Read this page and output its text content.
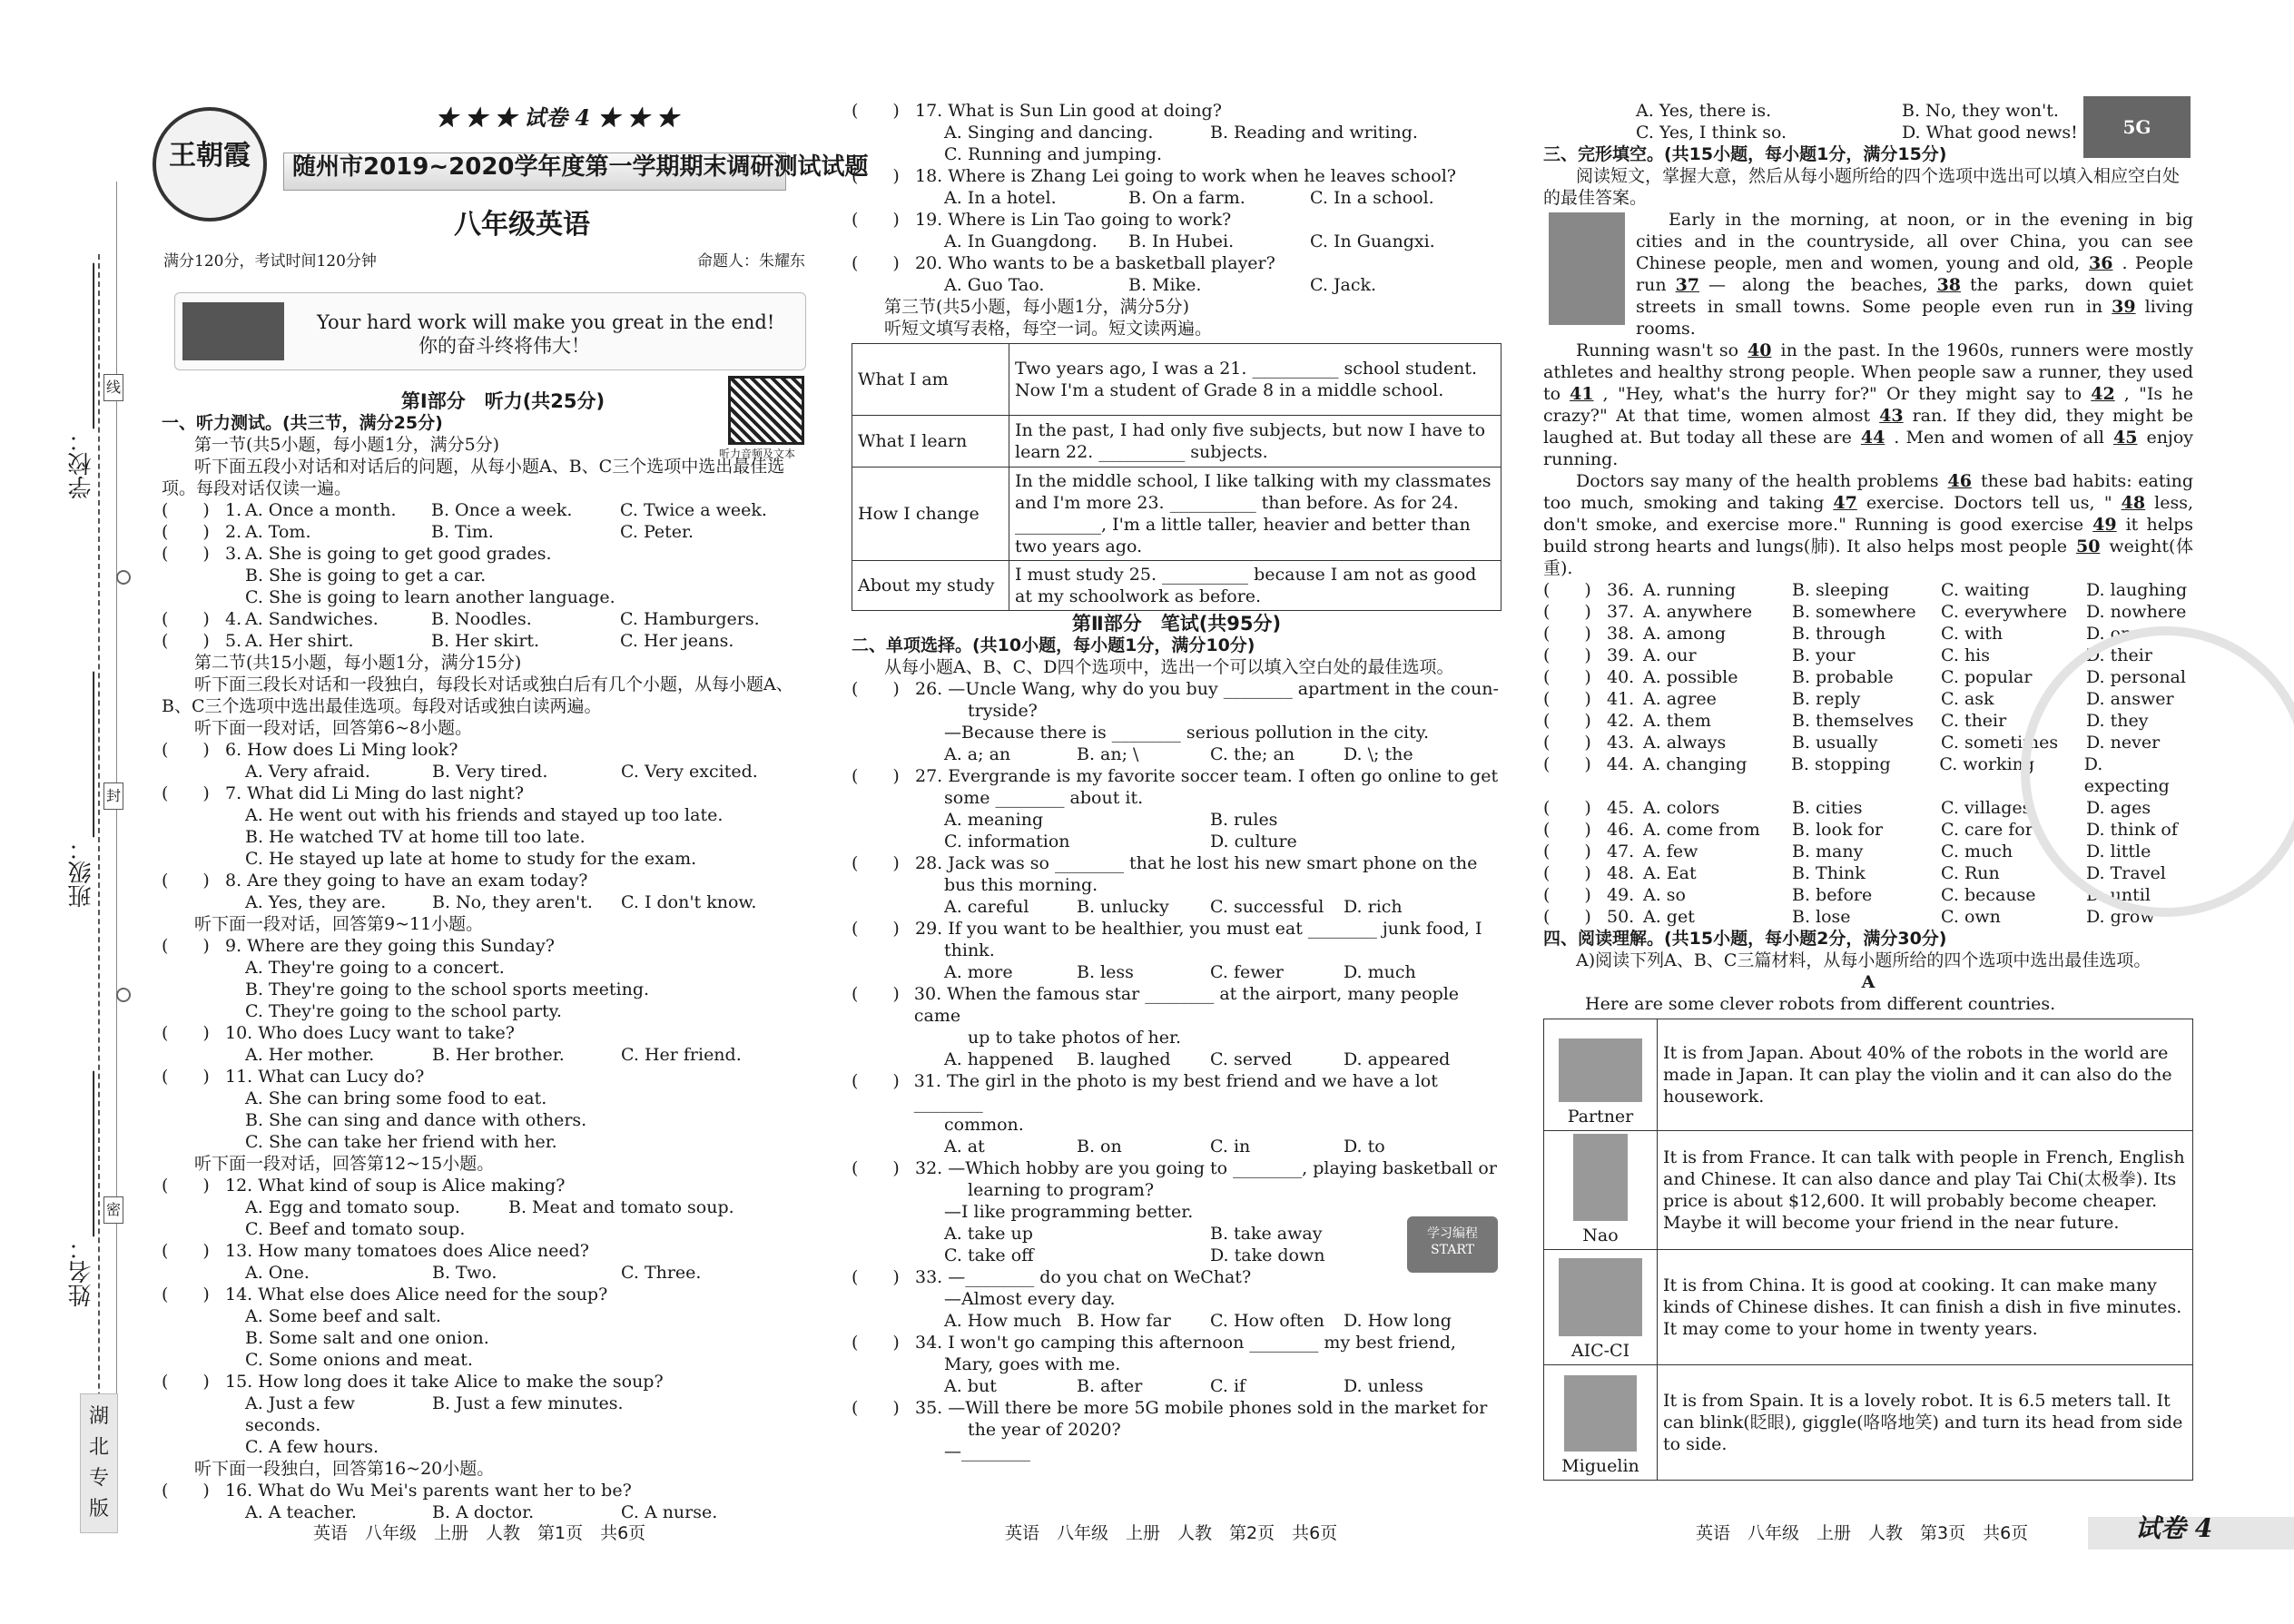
学校：______________
班级：______________
姓名：______________
线
封
密
湖北专版
王朝霞
★ ★ ★ 试卷 4 ★ ★ ★
随州市2019~2020学年度第一学期期末调研测试试题
八年级英语
满分120分，考试时间120分钟	命题人：朱耀东
Your hard work will make you great in the end!
你的奋斗终将伟大！
第Ⅰ部分　听力(共25分)
听力音频及文本
一、听力测试。(共三节，满分25分)
第一节(共5小题，每小题1分，满分5分)
听下面五段小对话和对话后的问题，从每小题A、B、C三个选项中选出最佳选项。每段对话仅读一遍。
(　　) 1. A. Once a month.	B. Once a week.	C. Twice a week.
(　　) 2. A. Tom.	B. Tim.	C. Peter.
(　　) 3. A. She is going to get good grades.
B. She is going to get a car.
C. She is going to learn another language.
(　　) 4. A. Sandwiches.	B. Noodles.	C. Hamburgers.
(　　) 5. A. Her shirt.	B. Her skirt.	C. Her jeans.
第二节(共15小题，每小题1分，满分15分)
听下面三段长对话和一段独白，每段长对话或独白后有几个小题，从每小题A、B、C三个选项中选出最佳选项。每段对话或独白读两遍。
听下面一段对话，回答第6~8小题。
(　　) 6. How does Li Ming look?
A. Very afraid.	B. Very tired.	C. Very excited.
(　　) 7. What did Li Ming do last night?
A. He went out with his friends and stayed up too late.
B. He watched TV at home till too late.
C. He stayed up late at home to study for the exam.
(　　) 8. Are they going to have an exam today?
A. Yes, they are.	B. No, they aren't.	C. I don't know.
听下面一段对话，回答第9~11小题。
(　　) 9. Where are they going this Sunday?
A. They're going to a concert.
B. They're going to the school sports meeting.
C. They're going to the school party.
(　　) 10. Who does Lucy want to take?
A. Her mother.	B. Her brother.	C. Her friend.
(　　) 11. What can Lucy do?
A. She can bring some food to eat.
B. She can sing and dance with others.
C. She can take her friend with her.
听下面一段对话，回答第12~15小题。
(　　) 12. What kind of soup is Alice making?
A. Egg and tomato soup.	B. Meat and tomato soup.
C. Beef and tomato soup.
(　　) 13. How many tomatoes does Alice need?
A. One.	B. Two.	C. Three.
(　　) 14. What else does Alice need for the soup?
A. Some beef and salt.
B. Some salt and one onion.
C. Some onions and meat.
(　　) 15. How long does it take Alice to make the soup?
A. Just a few seconds.
B. Just a few minutes.
C. A few hours.
听下面一段独白，回答第16~20小题。
(　　) 16. What do Wu Mei's parents want her to be?
A. A teacher.	B. A doctor.	C. A nurse.
(　　) 17. What is Sun Lin good at doing?
A. Singing and dancing.	B. Reading and writing.
C. Running and jumping.
(　　) 18. Where is Zhang Lei going to work when he leaves school?
A. In a hotel.	B. On a farm.	C. In a school.
(　　) 19. Where is Lin Tao going to work?
A. In Guangdong.	B. In Hubei.	C. In Guangxi.
(　　) 20. Who wants to be a basketball player?
A. Guo Tao.	B. Mike.	C. Jack.
第三节(共5小题，每小题1分，满分5分)
听短文填写表格，每空一词。短文读两遍。
What I am	Two years ago, I was a 21. __________ school student. Now I'm a student of Grade 8 in a middle school.
What I learn	In the past, I had only five subjects, but now I have to learn 22. __________ subjects.
How I change	In the middle school, I like talking with my classmates and I'm more 23. __________ than before. As for 24. __________, I'm a little taller, heavier and better than two years ago.
About my study	I must study 25. __________ because I am not as good at my schoolwork as before.
第Ⅱ部分　笔试(共95分)
二、单项选择。(共10小题，每小题1分，满分10分)
从每小题A、B、C、D四个选项中，选出一个可以填入空白处的最佳选项。
(　　) 26. —Uncle Wang, why do you buy ________ apartment in the coun-
tryside?
—Because there is ________ serious pollution in the city.
A. a; an	B. an; \	C. the; an	D. \; the
(　　) 27. Evergrande is my favorite soccer team. I often go online to get
some ________ about it.
A. meaning	B. rules
C. information	D. culture
(　　) 28. Jack was so ________ that he lost his new smart phone on the
bus this morning.
A. careful	B. unlucky	C. successful	D. rich
(　　) 29. If you want to be healthier, you must eat ________ junk food, I
think.
A. more	B. less	C. fewer	D. much
(　　) 30. When the famous star ________ at the airport, many people came
up to take photos of her.
A. happened	B. laughed	C. served	D. appeared
(　　) 31. The girl in the photo is my best friend and we have a lot ________
common.
A. at	B. on	C. in	D. to
(　　) 32. —Which hobby are you going to ________, playing basketball or
learning to program?
—I like programming better.
A. take up	B. take away
C. take off	D. take down
(　　) 33. —________ do you chat on WeChat?
—Almost every day.
A. How much B. How far	C. How often	D. How long
(　　) 34. I won't go camping this afternoon ________ my best friend,
Mary, goes with me.
A. but	B. after	C. if	D. unless
(　　) 35. —Will there be more 5G mobile phones sold in the market for
the year of 2020?
—________
学习编程 START
A. Yes, there is.	B. No, they won't.
C. Yes, I think so.	D. What good news!	5G
三、完形填空。(共15小题，每小题1分，满分15分)
阅读短文，掌握大意，然后从每小题所给的四个选项中选出可以填入相应空白处的最佳答案。
Early in the morning, at noon, or in the evening in big cities and in the countryside, all over China, you can see Chinese people, men and women, young and old, 36 . People run 37 — along the beaches, 38 the parks, down quiet streets in small towns. Some people even run in 39 living rooms.
Running wasn't so 40 in the past. In the 1960s, runners were mostly athletes and healthy strong people. When people saw a runner, they used to 41 , "Hey, what's the hurry for?" Or they might say to 42 , "Is he crazy?" At that time, women almost 43 ran. If they did, they might be laughed at. But today all these are 44 . Men and women of all 45 enjoy running.
Doctors say many of the health problems 46 these bad habits: eating too much, smoking and taking 47 exercise. Doctors tell us, " 48 less, don't smoke, and exercise more." Running is good exercise 49 it helps build strong hearts and lungs(肺). It also helps most people 50 weight(体重).
(　　) 36. A. running	B. sleeping	C. waiting	D. laughing
(　　) 37. A. anywhere	B. somewhere	C. everywhere	D. nowhere
(　　) 38. A. among	B. through	C. with	D. on
(　　) 39. A. our	B. your	C. his	D. their
(　　) 40. A. possible	B. probable	C. popular	D. personal
(　　) 41. A. agree	B. reply	C. ask	D. answer
(　　) 42. A. them	B. themselves	C. their	D. they
(　　) 43. A. always	B. usually	C. sometimes	D. never
(　　) 44. A. changing	B. stopping	C. working	D. expecting
(　　) 45. A. colors	B. cities	C. villages	D. ages
(　　) 46. A. come from	B. look for	C. care for	D. think of
(　　) 47. A. few	B. many	C. much	D. little
(　　) 48. A. Eat	B. Think	C. Run	D. Travel
(　　) 49. A. so	B. before	C. because	D. until
(　　) 50. A. get	B. lose	C. own	D. grow
四、阅读理解。(共15小题，每小题2分，满分30分)
A)阅读下列A、B、C三篇材料，从每小题所给的四个选项中选出最佳选项。
A
Here are some clever robots from different countries.
Partner	It is from Japan. About 40% of the robots in the world are made in Japan. It can play the violin and it can also do the housework.

Nao	It is from France. It can talk with people in French, English and Chinese. It can also dance and play Tai Chi(太极拳). Its price is about $12,600. It will probably become cheaper. Maybe it will become your friend in the near future.

AIC-CI	It is from China. It is good at cooking. It can make many kinds of Chinese dishes. It can finish a dish in five minutes. It may come to your home in twenty years.

Miguelin	It is from Spain. It is a lovely robot. It is 6.5 meters tall. It can blink(眨眼), giggle(咯咯地笑) and turn its head from side to side.
英语　八年级　上册　人教　第1页　共6页	英语　八年级　上册　人教　第2页　共6页	英语　八年级　上册　人教　第3页　共6页	试卷 4
